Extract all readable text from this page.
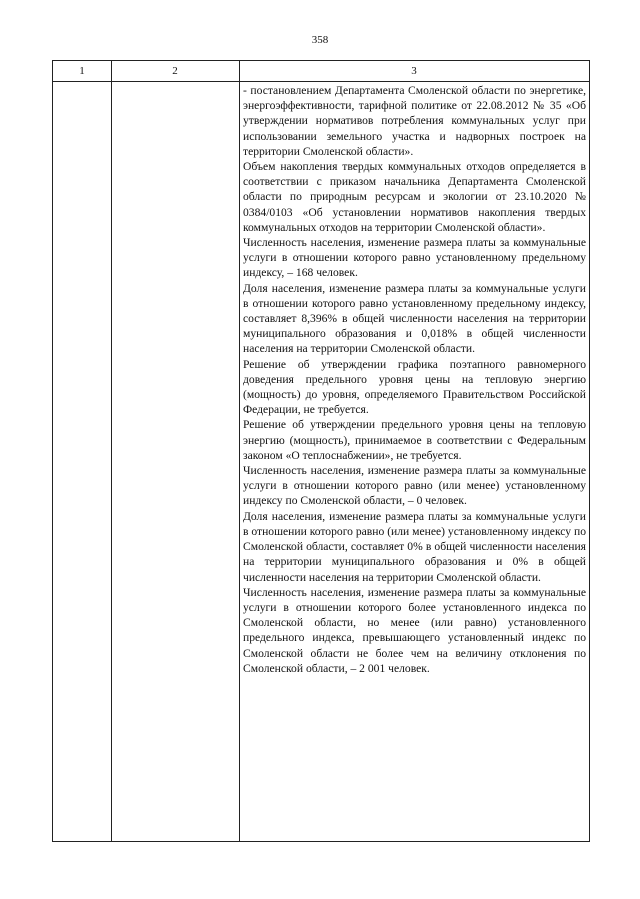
358
1	2	3

- постановлением Департамента Смоленской области по энергетике, энергоэффективности, тарифной политике от 22.08.2012 № 35 «Об утверждении нормативов потребления коммунальных услуг при использовании земельного участка и надворных построек на территории Смоленской области».

Объем накопления твердых коммунальных отходов определяется в соответствии с приказом начальника Департамента Смоленской области по природным ресурсам и экологии от 23.10.2020 № 0384/0103 «Об установлении нормативов накопления твердых коммунальных отходов на территории Смоленской области».

Численность населения, изменение размера платы за коммунальные услуги в отношении которого равно установленному предельному индексу, – 168 человек.

Доля населения, изменение размера платы за коммунальные услуги в отношении которого равно установленному предельному индексу, составляет 8,396% в общей численности населения на территории муниципального образования и 0,018% в общей численности населения на территории Смоленской области.

Решение об утверждении графика поэтапного равномерного доведения предельного уровня цены на тепловую энергию (мощность) до уровня, определяемого Правительством Российской Федерации, не требуется.

Решение об утверждении предельного уровня цены на тепловую энергию (мощность), принимаемое в соответствии с Федеральным законом «О теплоснабжении», не требуется.

Численность населения, изменение размера платы за коммунальные услуги в отношении которого равно (или менее) установленному индексу по Смоленской области, – 0 человек.

Доля населения, изменение размера платы за коммунальные услуги в отношении которого равно (или менее) установленному индексу по Смоленской области, составляет 0% в общей численности населения на территории муниципального образования и 0% в общей численности населения на территории Смоленской области.

Численность населения, изменение размера платы за коммунальные услуги в отношении которого более установленного индекса по Смоленской области, но менее (или равно) установленного предельного индекса, превышающего установленный индекс по Смоленской области не более чем на величину отклонения по Смоленской области, – 2 001 человек.
